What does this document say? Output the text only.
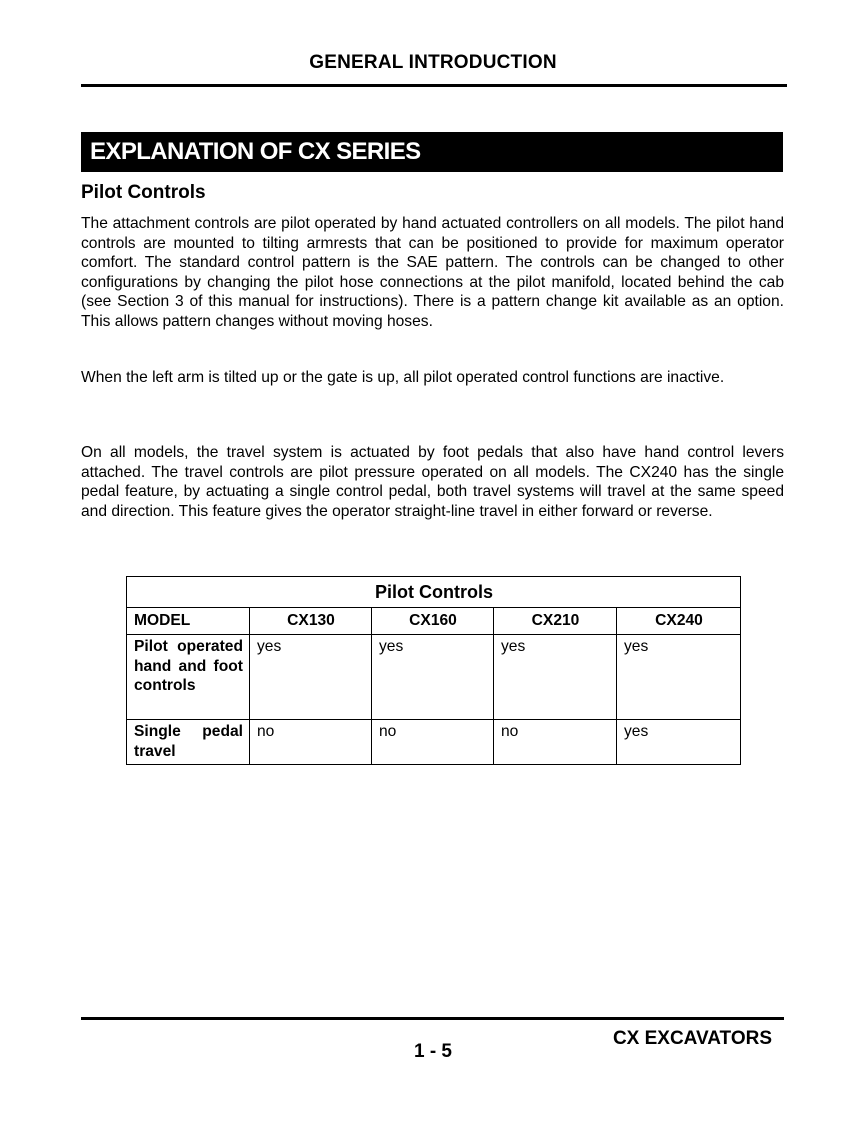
GENERAL INTRODUCTION
EXPLANATION OF CX SERIES
Pilot Controls

The attachment controls are pilot operated by hand actuated controllers on all models. The pilot hand controls are mounted to tilting armrests that can be positioned to provide for maximum operator comfort. The standard control pattern is the SAE pattern. The controls can be changed to other configurations by changing the pilot hose connections at the pilot manifold, located behind the cab (see Section 3 of this manual for instructions). There is a pattern change kit available as an option. This allows pattern changes without moving hoses.

When the left arm is tilted up or the gate is up, all pilot operated control functions are inactive.

On all models, the travel system is actuated by foot pedals that also have hand control levers attached. The travel controls are pilot pressure operated on all models. The CX240 has the single pedal feature, by actuating a single control pedal, both travel systems will travel at the same speed and direction. This feature gives the operator straight-line travel in either forward or reverse.

Pilot Controls				
MODEL	CX130	CX160	CX210	CX240
Pilot operated hand and foot controls	yes	yes	yes	yes
Single pedal travel	no	no	no	yes
CX EXCAVATORS
1 - 5
